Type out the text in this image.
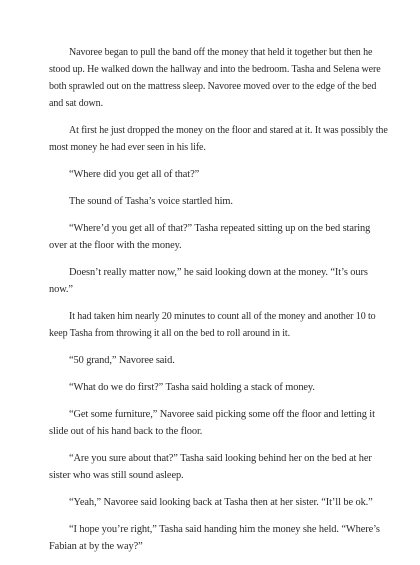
Navoree began to pull the band off the money that held it together but then he stood up. He walked down the hallway and into the bedroom. Tasha and Selena were both sprawled out on the mattress sleep. Navoree moved over to the edge of the bed and sat down.

At first he just dropped the money on the floor and stared at it. It was possibly the most money he had ever seen in his life.

“Where did you get all of that?”

The sound of Tasha’s voice startled him.

“Where’d you get all of that?” Tasha repeated sitting up on the bed staring over at the floor with the money.

Doesn’t really matter now,” he said looking down at the money. “It’s ours now.”

It had taken him nearly 20 minutes to count all of the money and another 10 to keep Tasha from throwing it all on the bed to roll around in it.

“50 grand,” Navoree said.

“What do we do first?” Tasha said holding a stack of money.

“Get some furniture,” Navoree said picking some off the floor and letting it slide out of his hand back to the floor.

“Are you sure about that?” Tasha said looking behind her on the bed at her sister who was still sound asleep.

“Yeah,” Navoree said looking back at Tasha then at her sister. “It’ll be ok.”

“I hope you’re right,” Tasha said handing him the money she held. “Where’s Fabian at by the way?”
